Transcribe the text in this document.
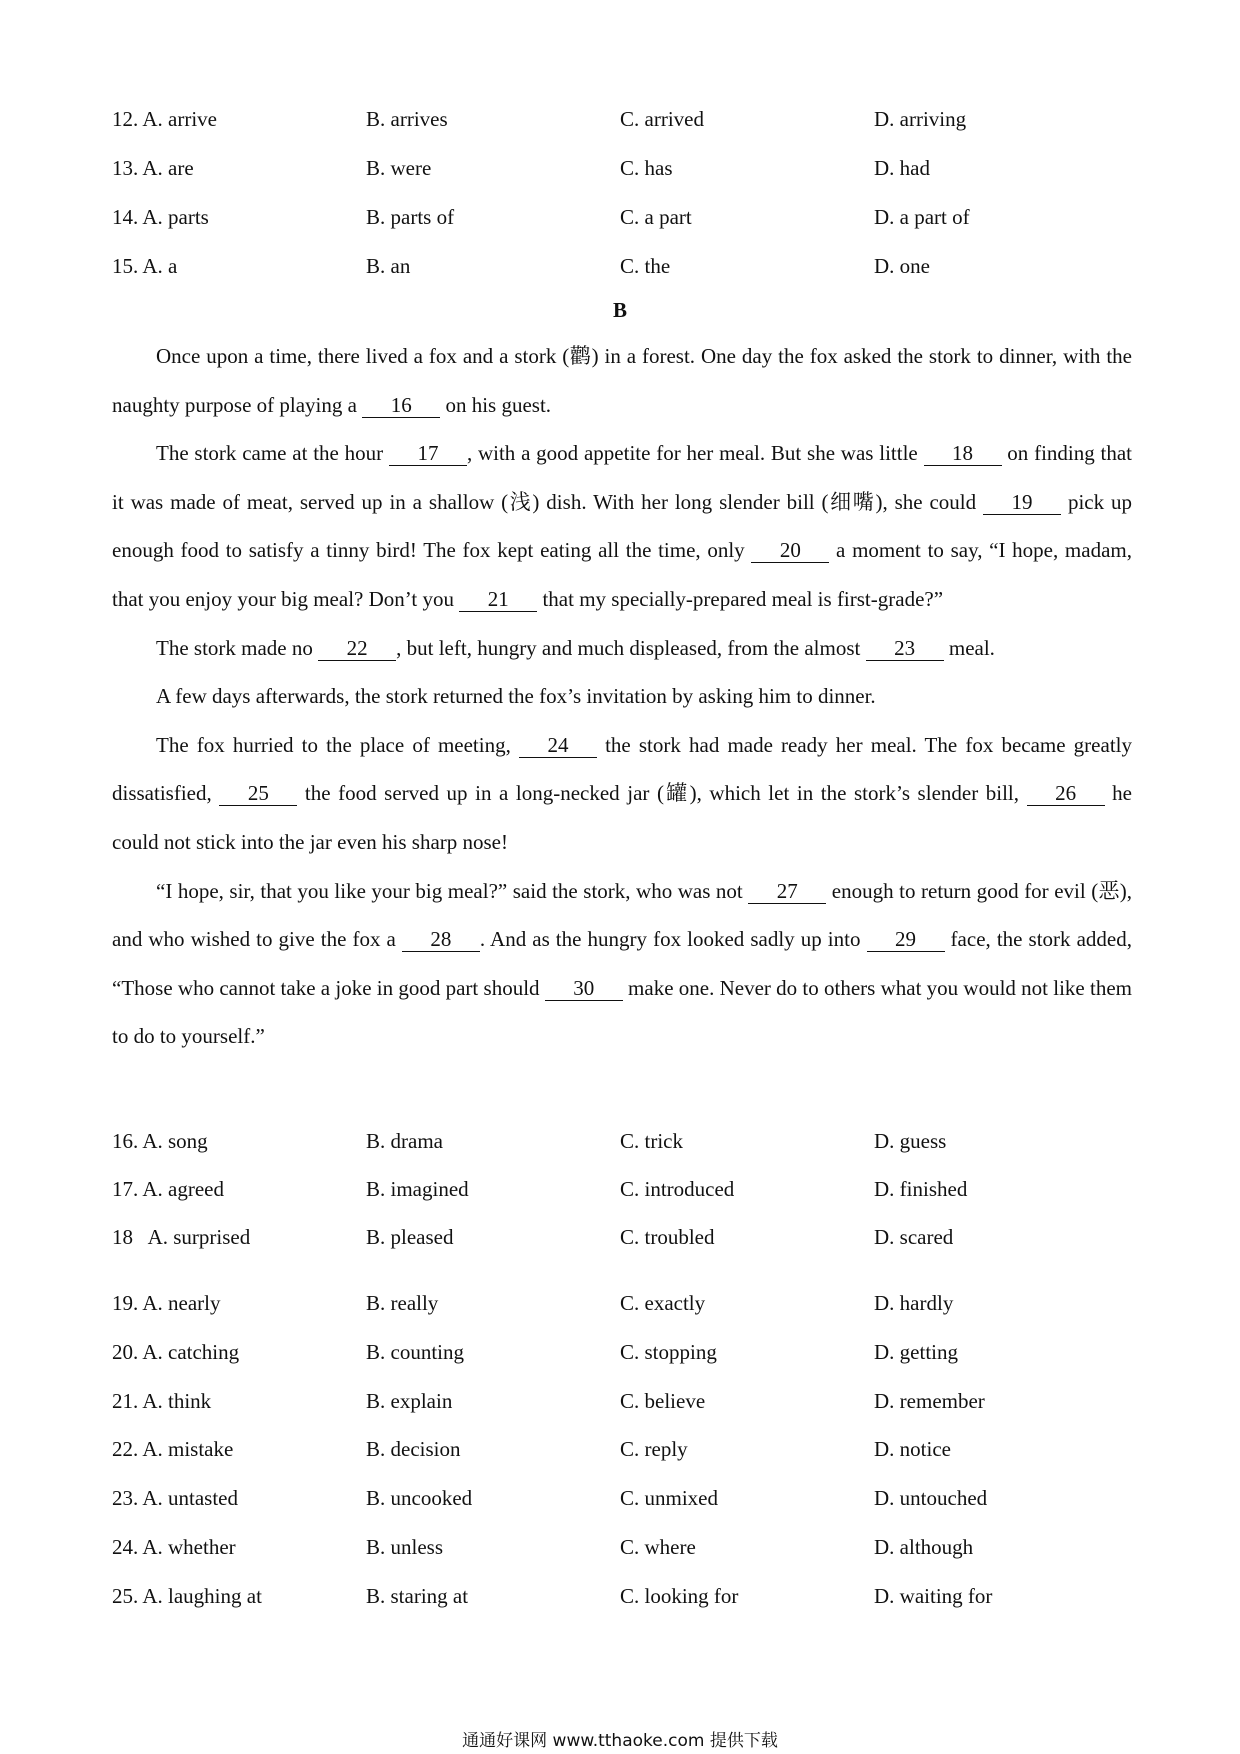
12. A. arrive	B. arrives	C. arrived	D. arriving
13. A. are	B. were	C. has	D. had
14. A. parts	B. parts of	C. a part	D. a part of
15. A. a	B. an	C. the	D. one
B

Once upon a time, there lived a fox and a stork (鹳) in a forest. One day the fox asked the stork to dinner, with the naughty purpose of playing a 16 on his guest.

The stork came at the hour 17 , with a good appetite for her meal. But she was little 18 on finding that it was made of meat, served up in a shallow (浅) dish. With her long slender bill (细嘴), she could 19 pick up enough food to satisfy a tinny bird! The fox kept eating all the time, only 20 a moment to say, “I hope, madam, that you enjoy your big meal? Don’t you 21 that my specially-prepared meal is first-grade?”

The stork made no 22 , but left, hungry and much displeased, from the almost 23 meal.

A few days afterwards, the stork returned the fox’s invitation by asking him to dinner.

The fox hurried to the place of meeting, 24 the stork had made ready her meal. The fox became greatly dissatisfied, 25 the food served up in a long-necked jar (罐), which let in the stork’s slender bill, 26 he could not stick into the jar even his sharp nose!

“I hope, sir, that you like your big meal?” said the stork, who was not 27 enough to return good for evil (恶), and who wished to give the fox a 28 . And as the hungry fox looked sadly up into 29 face, the stork added, “Those who cannot take a joke in good part should 30 make one. Never do to others what you would not like them to do to yourself.”

16. A. song	B. drama	C. trick	D. guess
17. A. agreed	B. imagined	C. introduced	D. finished
18   A. surprised	B. pleased	C. troubled	D. scared
19. A. nearly	B. really	C. exactly	D. hardly
20. A. catching	B. counting	C. stopping	D. getting
21. A. think	B. explain	C. believe	D. remember
22. A. mistake	B. decision	C. reply	D. notice
23. A. untasted	B. uncooked	C. unmixed	D. untouched
24. A. whether	B. unless	C. where	D. although
25. A. laughing at	B. staring at	C. looking for	D. waiting for
通通好课网 www.tthaoke.com 提供下载
